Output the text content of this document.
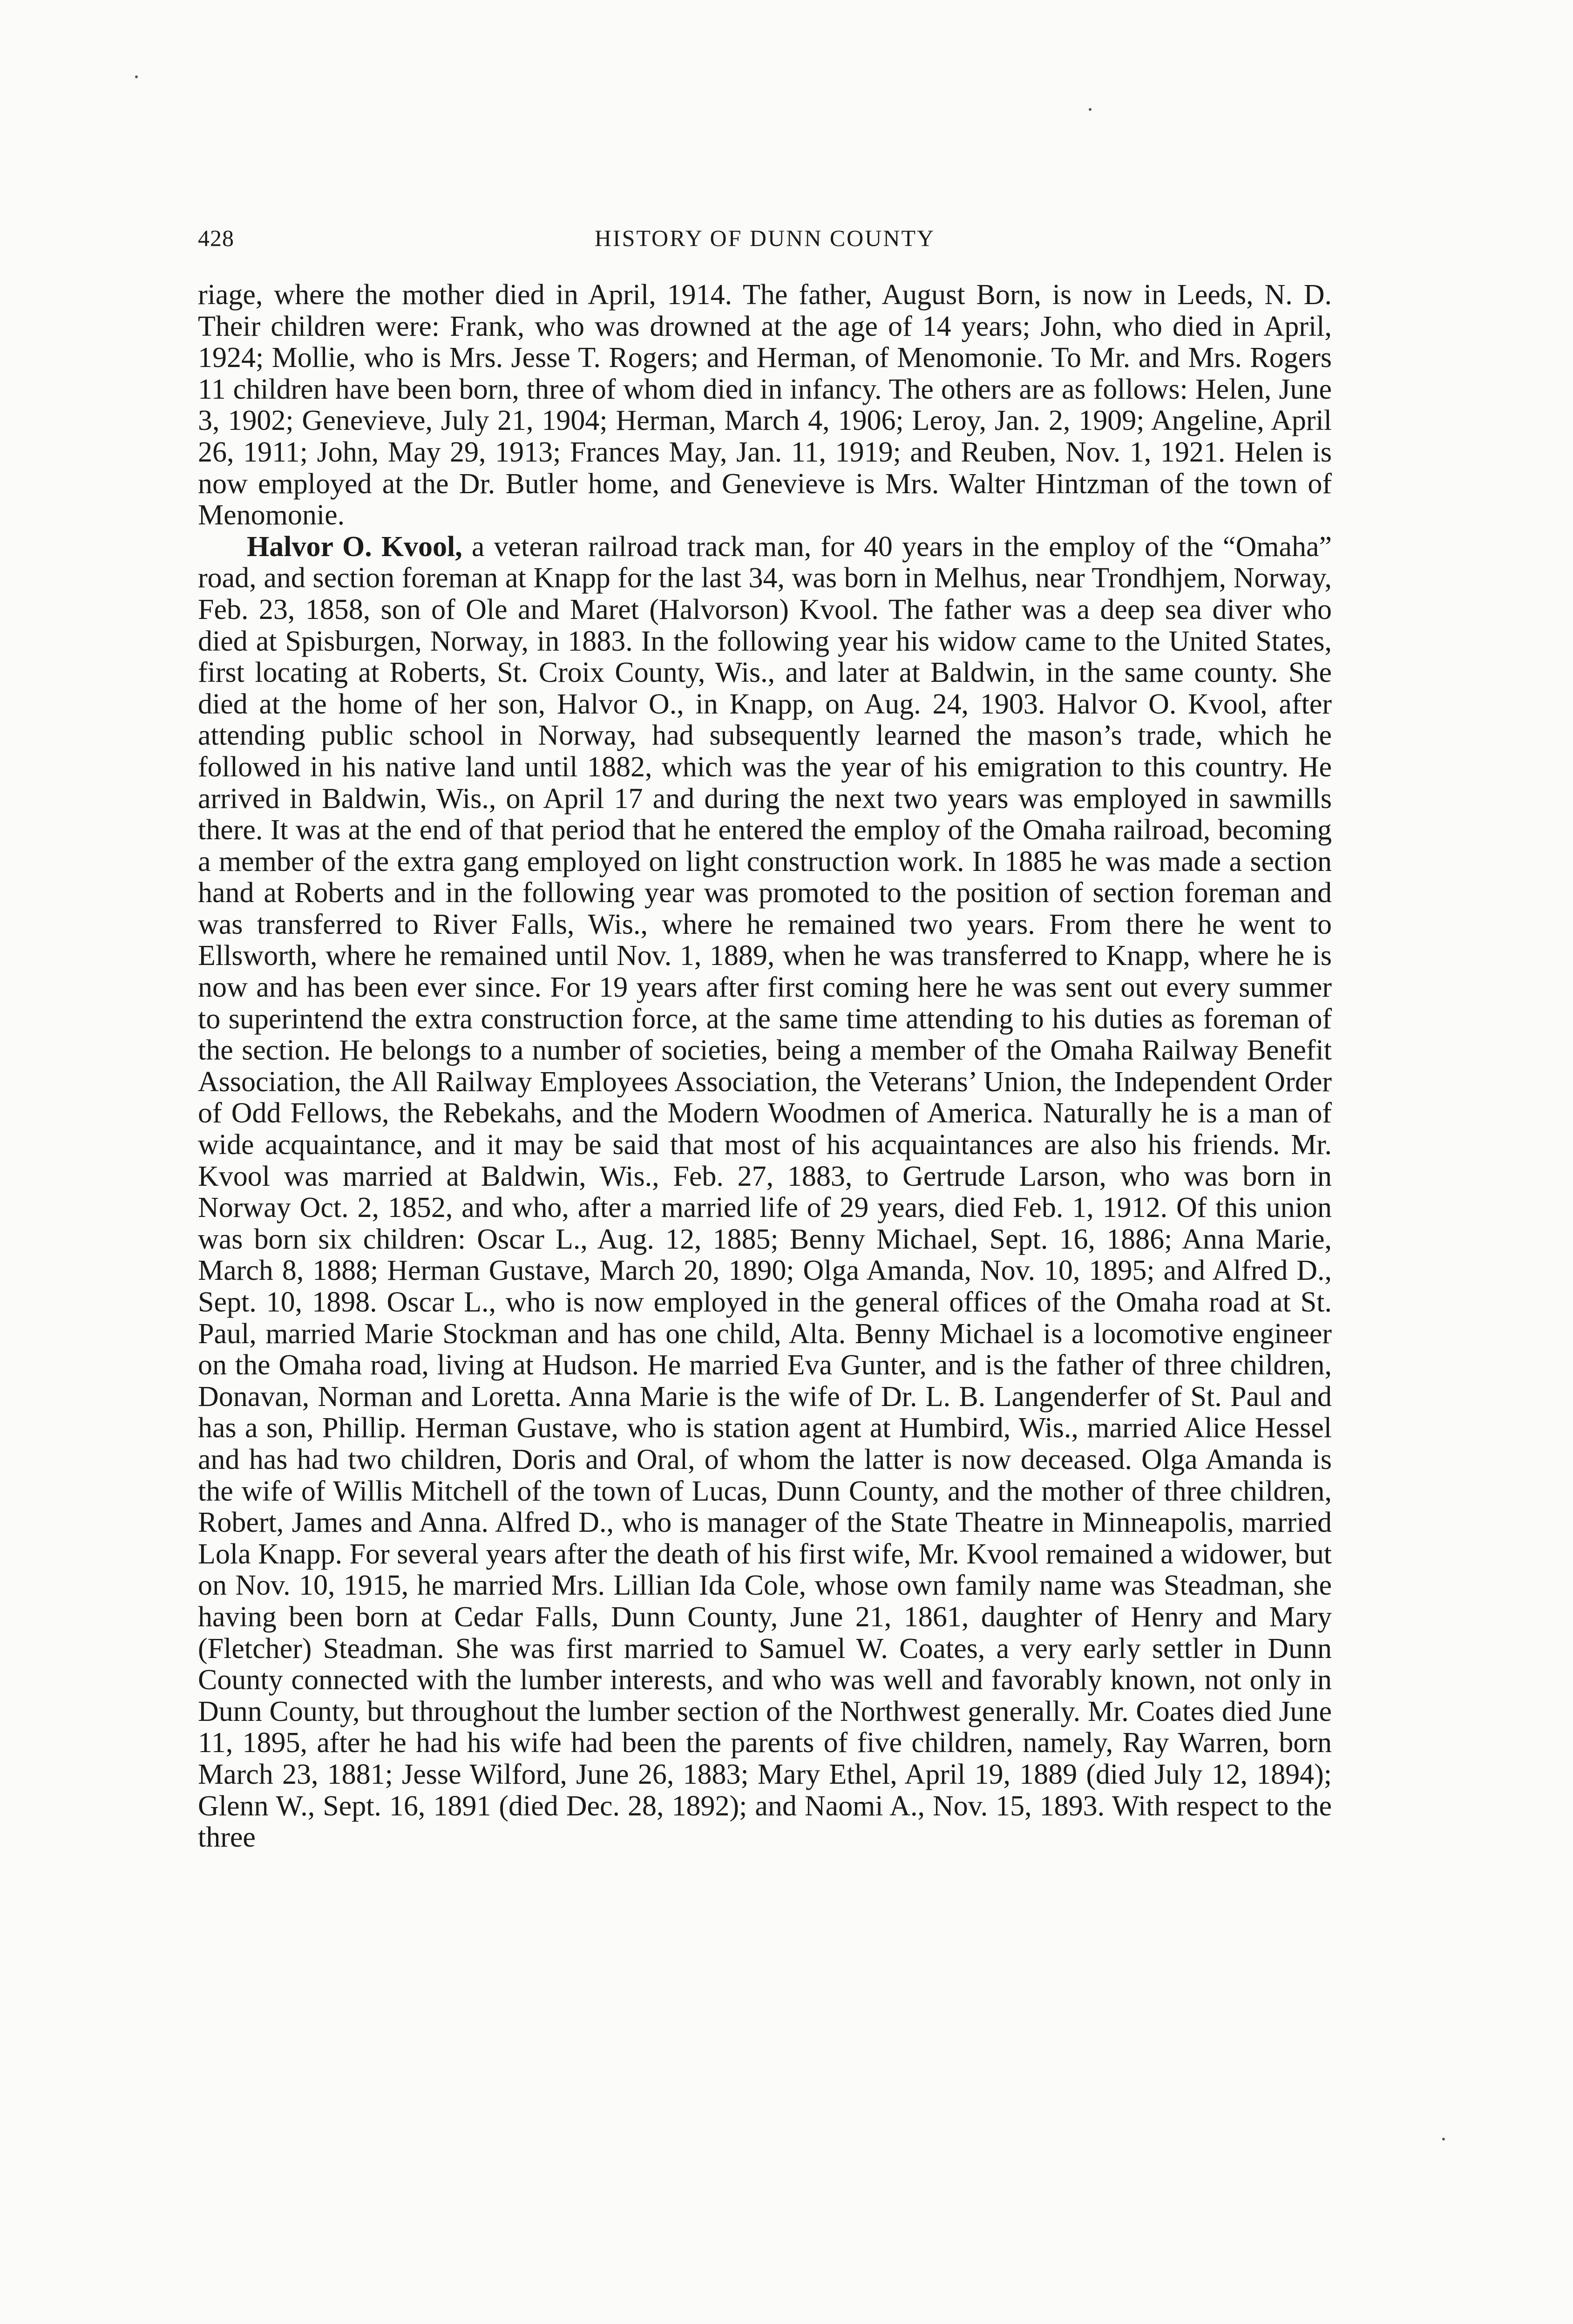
428	HISTORY OF DUNN COUNTY

riage, where the mother died in April, 1914. The father, August Born, is now in Leeds, N. D. Their children were: Frank, who was drowned at the age of 14 years; John, who died in April, 1924; Mollie, who is Mrs. Jesse T. Rogers; and Herman, of Menomonie. To Mr. and Mrs. Rogers 11 children have been born, three of whom died in infancy. The others are as follows: Helen, June 3, 1902; Genevieve, July 21, 1904; Herman, March 4, 1906; Leroy, Jan. 2, 1909; Angeline, April 26, 1911; John, May 29, 1913; Frances May, Jan. 11, 1919; and Reuben, Nov. 1, 1921. Helen is now employed at the Dr. Butler home, and Genevieve is Mrs. Walter Hintzman of the town of Menomonie.

Halvor O. Kvool, a veteran railroad track man, for 40 years in the employ of the “Omaha” road, and section foreman at Knapp for the last 34, was born in Melhus, near Trondhjem, Norway, Feb. 23, 1858, son of Ole and Maret (Halvorson) Kvool. The father was a deep sea diver who died at Spisburgen, Norway, in 1883. In the following year his widow came to the United States, first locating at Roberts, St. Croix County, Wis., and later at Baldwin, in the same county. She died at the home of her son, Halvor O., in Knapp, on Aug. 24, 1903. Halvor O. Kvool, after attending public school in Norway, had subsequently learned the mason’s trade, which he followed in his native land until 1882, which was the year of his emigration to this country. He arrived in Baldwin, Wis., on April 17 and during the next two years was employed in sawmills there. It was at the end of that period that he entered the employ of the Omaha railroad, becoming a member of the extra gang employed on light construction work. In 1885 he was made a section hand at Roberts and in the following year was promoted to the position of section foreman and was transferred to River Falls, Wis., where he remained two years. From there he went to Ellsworth, where he remained until Nov. 1, 1889, when he was transferred to Knapp, where he is now and has been ever since. For 19 years after first coming here he was sent out every summer to superintend the extra construction force, at the same time attending to his duties as foreman of the section. He belongs to a number of societies, being a member of the Omaha Railway Benefit Association, the All Railway Employees Association, the Veterans’ Union, the Independent Order of Odd Fellows, the Rebekahs, and the Modern Woodmen of America. Naturally he is a man of wide acquaintance, and it may be said that most of his acquaintances are also his friends. Mr. Kvool was married at Baldwin, Wis., Feb. 27, 1883, to Gertrude Larson, who was born in Norway Oct. 2, 1852, and who, after a married life of 29 years, died Feb. 1, 1912. Of this union was born six children: Oscar L., Aug. 12, 1885; Benny Michael, Sept. 16, 1886; Anna Marie, March 8, 1888; Herman Gustave, March 20, 1890; Olga Amanda, Nov. 10, 1895; and Alfred D., Sept. 10, 1898. Oscar L., who is now employed in the general offices of the Omaha road at St. Paul, married Marie Stockman and has one child, Alta. Benny Michael is a locomotive engineer on the Omaha road, living at Hudson. He married Eva Gunter, and is the father of three children, Donavan, Norman and Loretta. Anna Marie is the wife of Dr. L. B. Langenderfer of St. Paul and has a son, Phillip. Herman Gustave, who is station agent at Humbird, Wis., married Alice Hessel and has had two children, Doris and Oral, of whom the latter is now deceased. Olga Amanda is the wife of Willis Mitchell of the town of Lucas, Dunn County, and the mother of three children, Robert, James and Anna. Alfred D., who is manager of the State Theatre in Minneapolis, married Lola Knapp. For several years after the death of his first wife, Mr. Kvool remained a widower, but on Nov. 10, 1915, he married Mrs. Lillian Ida Cole, whose own family name was Steadman, she having been born at Cedar Falls, Dunn County, June 21, 1861, daughter of Henry and Mary (Fletcher) Steadman. She was first married to Samuel W. Coates, a very early settler in Dunn County connected with the lumber interests, and who was well and favorably known, not only in Dunn County, but throughout the lumber section of the Northwest generally. Mr. Coates died June 11, 1895, after he had his wife had been the parents of five children, namely, Ray Warren, born March 23, 1881; Jesse Wilford, June 26, 1883; Mary Ethel, April 19, 1889 (died July 12, 1894); Glenn W., Sept. 16, 1891 (died Dec. 28, 1892); and Naomi A., Nov. 15, 1893. With respect to the three
